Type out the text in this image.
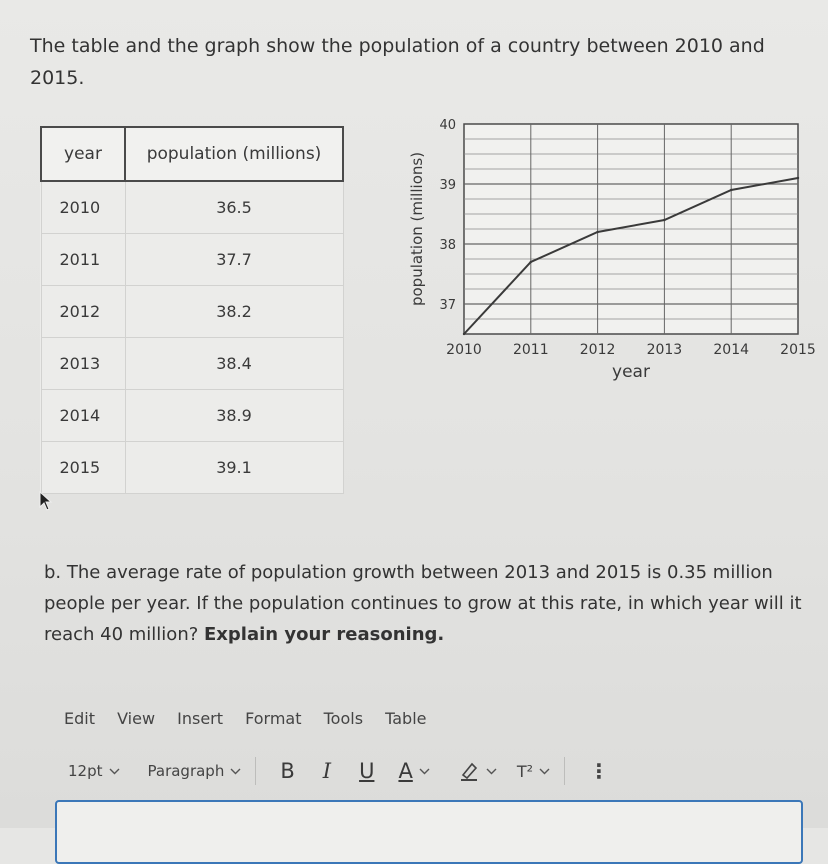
The table and the graph show the population of a country between 2010 and 2015.
year	population (millions)
2010	36.5
2011	37.7
2012	38.2
2013	38.4
2014	38.9
2015	39.1
37
38
39
40
2010 2011 2012 2013 2014 2015
population (millions)
year
b. The average rate of population growth between 2013 and 2015 is 0.35 million people per year. If the population continues to grow at this rate, in which year will it reach 40 million? Explain your reasoning.
Edit View Insert Format Tools Table
12pt	Paragraph	B I U A	T²	⋮
